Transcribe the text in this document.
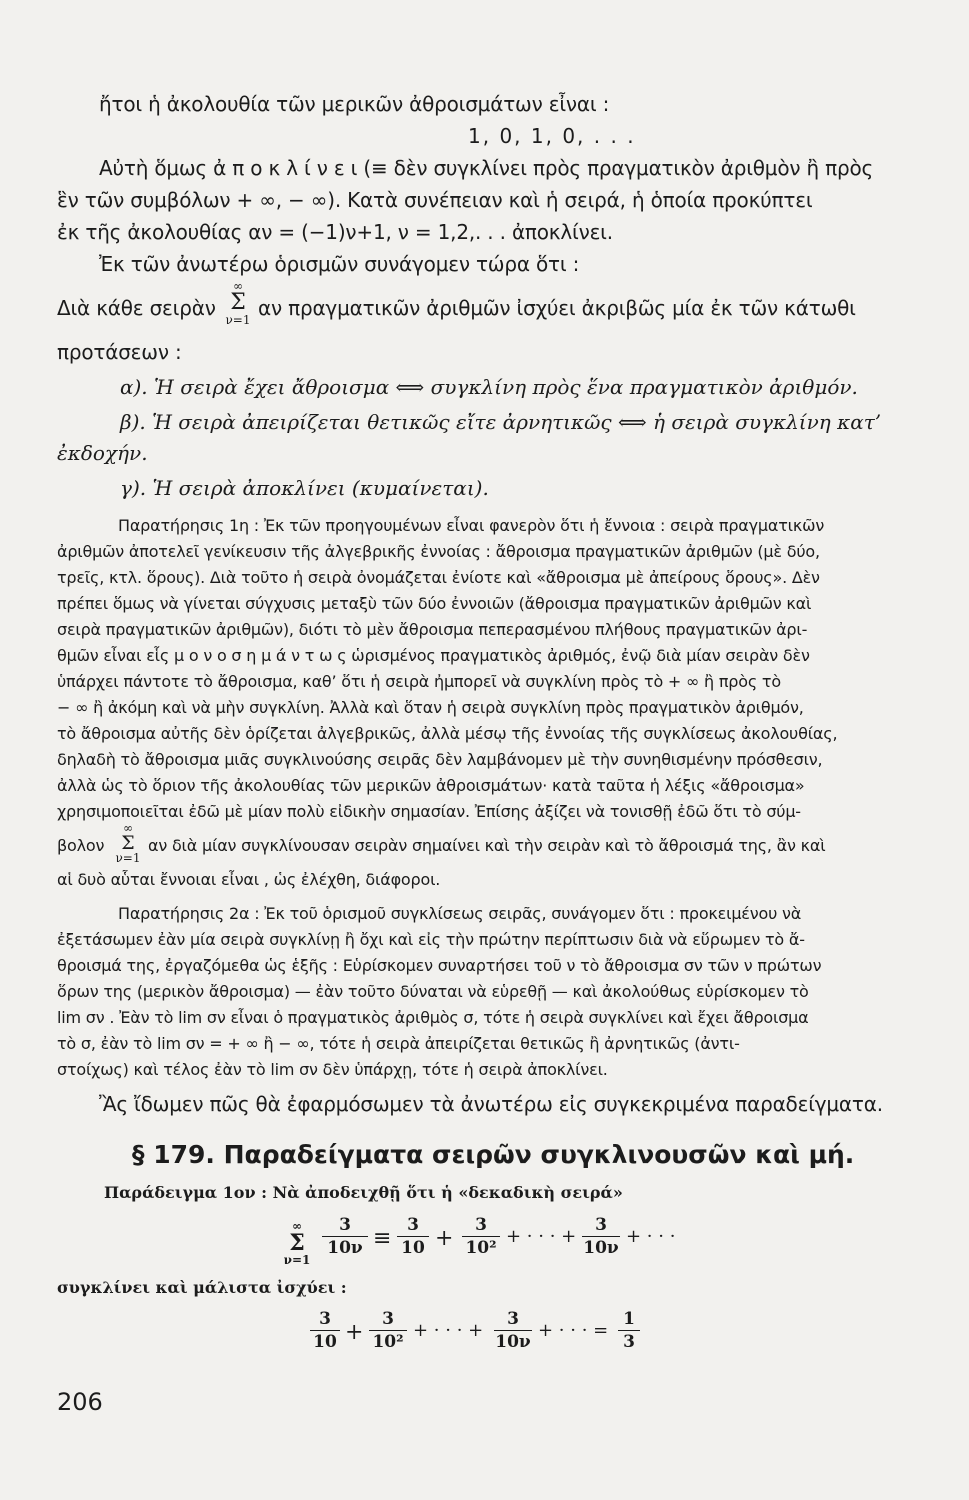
ἤτοι ἡ ἀκολουθία τῶν μερικῶν ἀθροισμάτων εἶναι :
1, 0, 1, 0, . . .
Αὐτὴ ὅμως ἀ π ο κ λ ί ν ε ι (≡ δὲν συγκλίνει πρὸς πραγματικὸν ἀριθμὸν ἢ πρὸς
ἓν τῶν συμβόλων + ∞, − ∞). Κατὰ συνέπειαν καὶ ἡ σειρά, ἡ ὁποία προκύπτει
ἐκ τῆς ἀκολουθίας αν = (−1)ν+1, ν = 1,2,. . . ἀποκλίνει.
Ἐκ τῶν ἀνωτέρω ὁρισμῶν συνάγομεν τώρα ὅτι :
Διὰ κάθε σειρὰν
∞
Σ
ν=1 αν πραγματικῶν ἀριθμῶν ἰσχύει ἀκριβῶς μία ἐκ τῶν κάτωθι
προτάσεων :
α). Ἡ σειρὰ ἔχει ἄθροισμα ⟺ συγκλίνη πρὸς ἕνα πραγματικὸν ἀριθμόν.
β). Ἡ σειρὰ ἀπειρίζεται θετικῶς εἴτε ἀρνητικῶς ⟺ ἡ σειρὰ συγκλίνη κατ’
ἐκδοχήν.
γ). Ἡ σειρὰ ἀποκλίνει (κυμαίνεται).
Παρατήρησις 1η : Ἐκ τῶν προηγουμένων εἶναι φανερὸν ὅτι ἡ ἔννοια : σειρὰ πραγματικῶν
ἀριθμῶν ἀποτελεῖ γενίκευσιν τῆς ἀλγεβρικῆς ἐννοίας : ἄθροισμα πραγματικῶν ἀριθμῶν (μὲ δύο,
τρεῖς, κτλ. ὅρους). Διὰ τοῦτο ἡ σειρὰ ὀνομάζεται ἐνίοτε καὶ «ἄθροισμα μὲ ἀπείρους ὅρους». Δὲν
πρέπει ὅμως νὰ γίνεται σύγχυσις μεταξὺ τῶν δύο ἐννοιῶν (ἄθροισμα πραγματικῶν ἀριθμῶν καὶ
σειρὰ πραγματικῶν ἀριθμῶν), διότι τὸ μὲν ἄθροισμα πεπερασμένου πλήθους πραγματικῶν ἀρι-
θμῶν εἶναι εἷς μ ο ν ο σ η μ ά ν τ ω ς ὡρισμένος πραγματικὸς ἀριθμός, ἐνῷ διὰ μίαν σειρὰν δὲν
ὑπάρχει πάντοτε τὸ ἄθροισμα, καθ’ ὅτι ἡ σειρὰ ἠμπορεῖ νὰ συγκλίνη πρὸς τὸ + ∞ ἢ πρὸς τὸ
− ∞ ἢ ἀκόμη καὶ νὰ μὴν συγκλίνη. Ἀλλὰ καὶ ὅταν ἡ σειρὰ συγκλίνη πρὸς πραγματικὸν ἀριθμόν,
τὸ ἄθροισμα αὐτῆς δὲν ὁρίζεται ἀλγεβρικῶς, ἀλλὰ μέσῳ τῆς ἐννοίας τῆς συγκλίσεως ἀκολουθίας,
δηλαδὴ τὸ ἄθροισμα μιᾶς συγκλινούσης σειρᾶς δὲν λαμβάνομεν μὲ τὴν συνηθισμένην πρόσθεσιν,
ἀλλὰ ὡς τὸ ὅριον τῆς ἀκολουθίας τῶν μερικῶν ἀθροισμάτων· κατὰ ταῦτα ἡ λέξις «ἄθροισμα»
χρησιμοποιεῖται ἐδῶ μὲ μίαν πολὺ εἰδικὴν σημασίαν. Ἐπίσης ἀξίζει νὰ τονισθῇ ἐδῶ ὅτι τὸ σύμ-
βολον
∞
Σ
ν=1
αν διὰ μίαν συγκλίνουσαν σειρὰν σημαίνει καὶ τὴν σειρὰν καὶ τὸ ἄθροισμά της, ἂν καὶ
αἱ δυὸ αὗται ἔννοιαι εἶναι , ὡς ἐλέχθη, διάφοροι.
Παρατήρησις 2α : Ἐκ τοῦ ὁρισμοῦ συγκλίσεως σειρᾶς, συνάγομεν ὅτι : προκειμένου νὰ
ἐξετάσωμεν ἐὰν μία σειρὰ συγκλίνῃ ἢ ὄχι καὶ εἰς τὴν πρώτην περίπτωσιν διὰ νὰ εὕρωμεν τὸ ἄ-
θροισμά της, ἐργαζόμεθα ὡς ἑξῆς : Εὑρίσκομεν συναρτήσει τοῦ ν τὸ ἄθροισμα σν τῶν ν πρώτων
ὅρων της (μερικὸν ἄθροισμα) — ἐὰν τοῦτο δύναται νὰ εὑρεθῇ — καὶ ἀκολούθως εὑρίσκομεν τὸ
lim σν . Ἐὰν τὸ lim σν εἶναι ὁ πραγματικὸς ἀριθμὸς σ, τότε ἡ σειρὰ συγκλίνει καὶ ἔχει ἄθροισμα
τὸ σ, ἐὰν τὸ lim σν = + ∞ ἢ − ∞, τότε ἡ σειρὰ ἀπειρίζεται θετικῶς ἢ ἀρνητικῶς (ἀντι-
στοίχως) καὶ τέλος ἐὰν τὸ lim σν δὲν ὑπάρχῃ, τότε ἡ σειρὰ ἀποκλίνει.
Ἂς ἴδωμεν πῶς θὰ ἐφαρμόσωμεν τὰ ἀνωτέρω εἰς συγκεκριμένα παραδείγματα.
§ 179. Παραδείγματα σειρῶν συγκλινουσῶν καὶ μή.
Παράδειγμα 1ον : Νὰ ἀποδειχθῇ ὅτι ἡ «δεκαδικὴ σειρά»
∞
Σ
ν=1
3
10ν ≡
3
10 +
3
10²
+ · · · +
3
10ν
+ · · ·
συγκλίνει καὶ μάλιστα ἰσχύει :
3
10 +
3
10²
+ · · · +
3
10ν
+ · · · =
1
3
206
